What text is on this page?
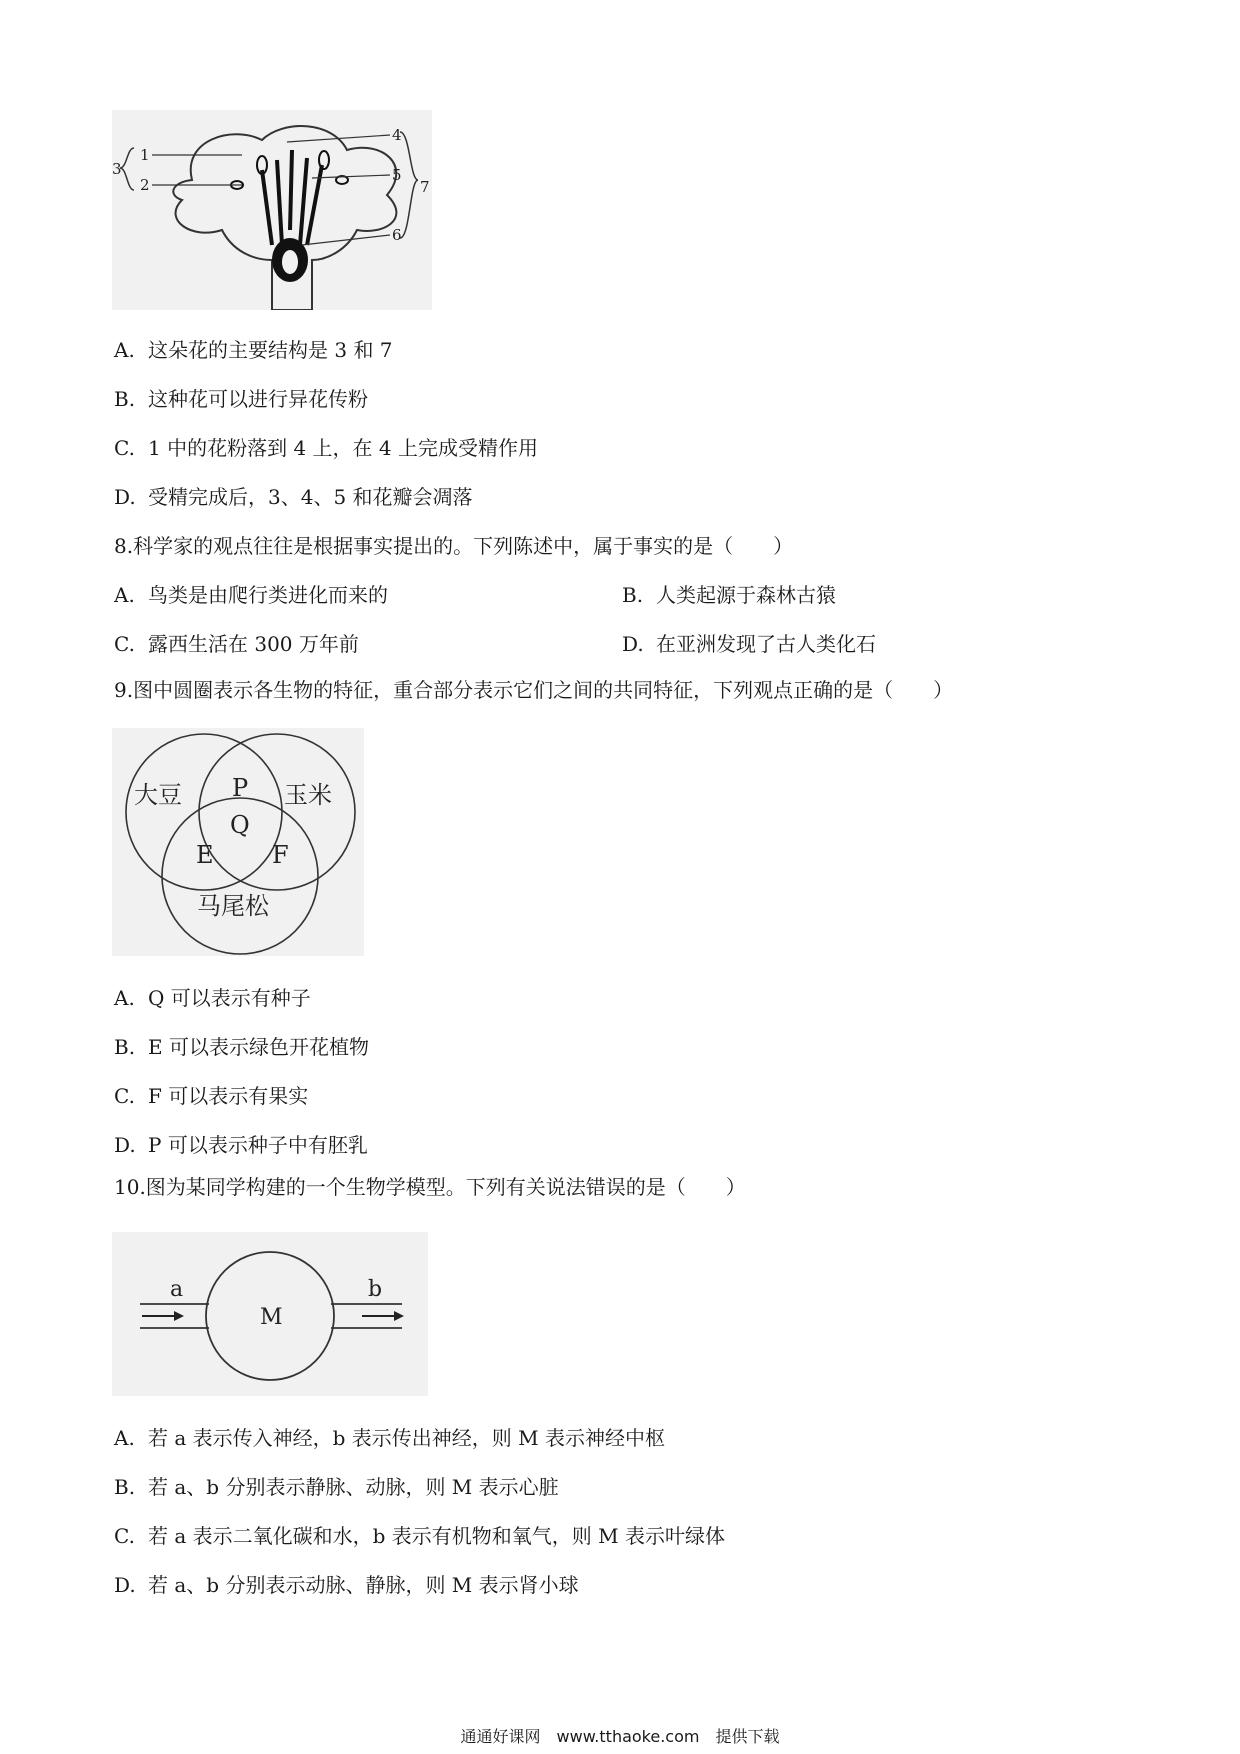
1
2
3
4
5
6
7
A. 这朵花的主要结构是 3 和 7
B. 这种花可以进行异花传粉
C. 1 中的花粉落到 4 上，在 4 上完成受精作用
D. 受精完成后，3、4、5 和花瓣会凋落
8.科学家的观点往往是根据事实提出的。下列陈述中，属于事实的是（　　）
A. 鸟类是由爬行类进化而来的	B. 人类起源于森林古猿
C. 露西生活在 300 万年前	D. 在亚洲发现了古人类化石
9.图中圆圈表示各生物的特征，重合部分表示它们之间的共同特征，下列观点正确的是（　　）
大豆	玉米
马尾松
P
Q
E F
A. Q 可以表示有种子
B. E 可以表示绿色开花植物
C. F 可以表示有果实
D. P 可以表示种子中有胚乳
10.图为某同学构建的一个生物学模型。下列有关说法错误的是（　　）
a	b
M
A. 若 a 表示传入神经，b 表示传出神经，则 M 表示神经中枢
B. 若 a、b 分别表示静脉、动脉，则 M 表示心脏
C. 若 a 表示二氧化碳和水，b 表示有机物和氧气，则 M 表示叶绿体
D. 若 a、b 分别表示动脉、静脉，则 M 表示肾小球
通通好课网　www.tthaoke.com　提供下载
